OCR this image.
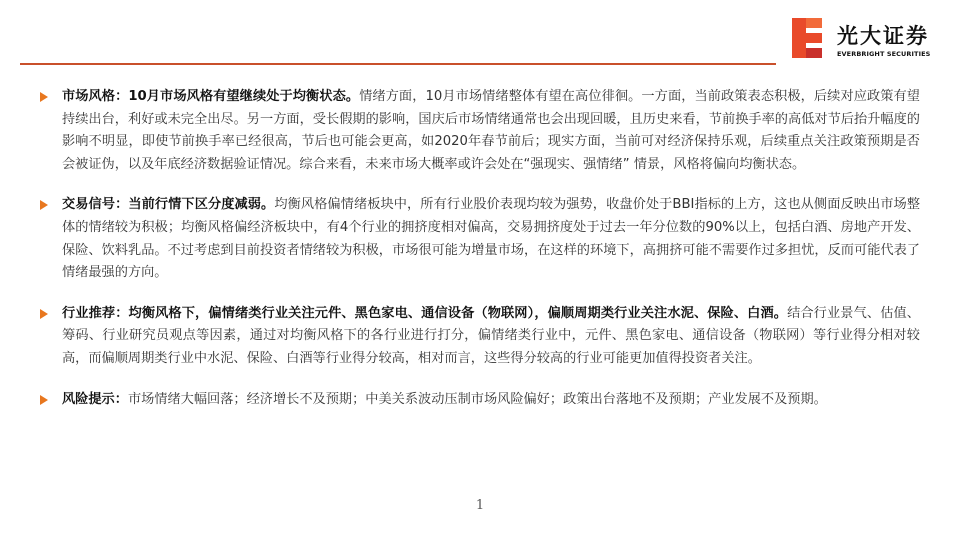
光大证券
EVERBRIGHT SECURITIES
市场风格：10月市场风格有望继续处于均衡状态。情绪方面，10月市场情绪整体有望在高位徘徊。一方面，当前政策表态积极，后续对应政策有望持续出台，利好或未完全出尽。另一方面，受长假期的影响，国庆后市场情绪通常也会出现回暖，且历史来看，节前换手率的高低对节后抬升幅度的影响不明显，即使节前换手率已经很高，节后也可能会更高，如2020年春节前后；现实方面，当前可对经济保持乐观，后续重点关注政策预期是否会被证伪，以及年底经济数据验证情况。综合来看，未来市场大概率或许会处在“强现实、强情绪” 情景，风格将偏向均衡状态。
交易信号：当前行情下区分度减弱。均衡风格偏情绪板块中，所有行业股价表现均较为强势，收盘价处于BBI指标的上方，这也从侧面反映出市场整体的情绪较为积极；均衡风格偏经济板块中，有4个行业的拥挤度相对偏高，交易拥挤度处于过去一年分位数的90%以上，包括白酒、房地产开发、保险、饮料乳品。不过考虑到目前投资者情绪较为积极，市场很可能为增量市场，在这样的环境下，高拥挤可能不需要作过多担忧，反而可能代表了情绪最强的方向。
行业推荐：均衡风格下，偏情绪类行业关注元件、黑色家电、通信设备（物联网），偏顺周期类行业关注水泥、保险、白酒。结合行业景气、估值、筹码、行业研究员观点等因素，通过对均衡风格下的各行业进行打分，偏情绪类行业中，元件、黑色家电、通信设备（物联网）等行业得分相对较高，而偏顺周期类行业中水泥、保险、白酒等行业得分较高，相对而言，这些得分较高的行业可能更加值得投资者关注。
风险提示：市场情绪大幅回落；经济增长不及预期；中美关系波动压制市场风险偏好；政策出台落地不及预期；产业发展不及预期。
1
